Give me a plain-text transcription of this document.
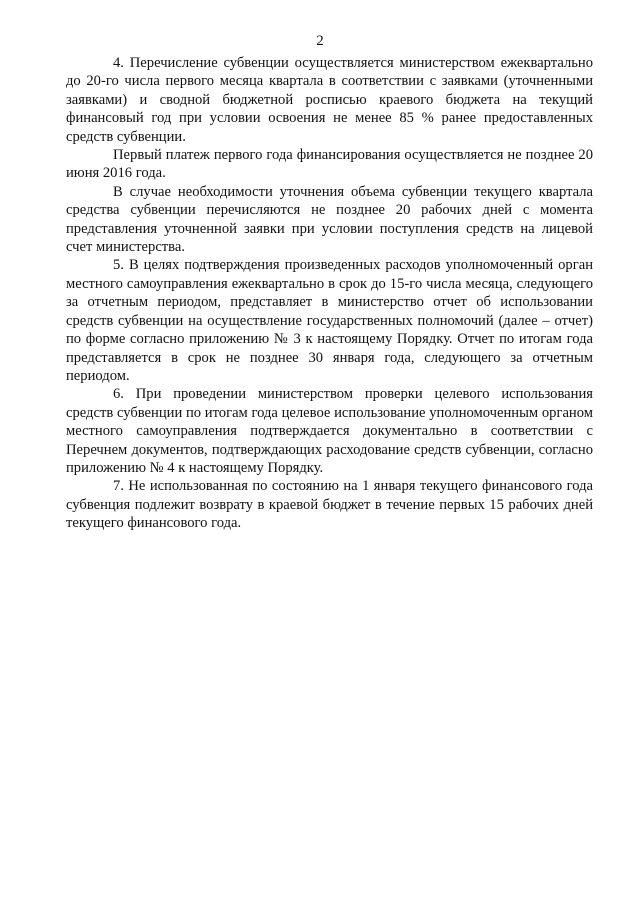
2

4. Перечисление субвенции осуществляется министерством ежеквартально до 20-го числа первого месяца квартала в соответствии с заявками (уточненными заявками) и сводной бюджетной росписью краевого бюджета на текущий финансовый год при условии освоения не менее 85 % ранее предоставленных средств субвенции.

Первый платеж первого года финансирования осуществляется не позднее 20 июня 2016 года.

В случае необходимости уточнения объема субвенции текущего квартала средства субвенции перечисляются не позднее 20 рабочих дней с момента представления уточненной заявки при условии поступления средств на лицевой счет министерства.

5. В целях подтверждения произведенных расходов уполномоченный орган местного самоуправления ежеквартально в срок до 15-го числа месяца, следующего за отчетным периодом, представляет в министерство отчет об использовании средств субвенции на осуществление государственных полномочий (далее – отчет) по форме согласно приложению № 3 к настоящему Порядку. Отчет по итогам года представляется в срок не позднее 30 января года, следующего за отчетным периодом.

6. При проведении министерством проверки целевого использования средств субвенции по итогам года целевое использование уполномоченным органом местного самоуправления подтверждается документально в соответствии с Перечнем документов, подтверждающих расходование средств субвенции, согласно приложению № 4 к настоящему Порядку.

7. Не использованная по состоянию на 1 января текущего финансового года субвенция подлежит возврату в краевой бюджет в течение первых 15 рабочих дней текущего финансового года.
